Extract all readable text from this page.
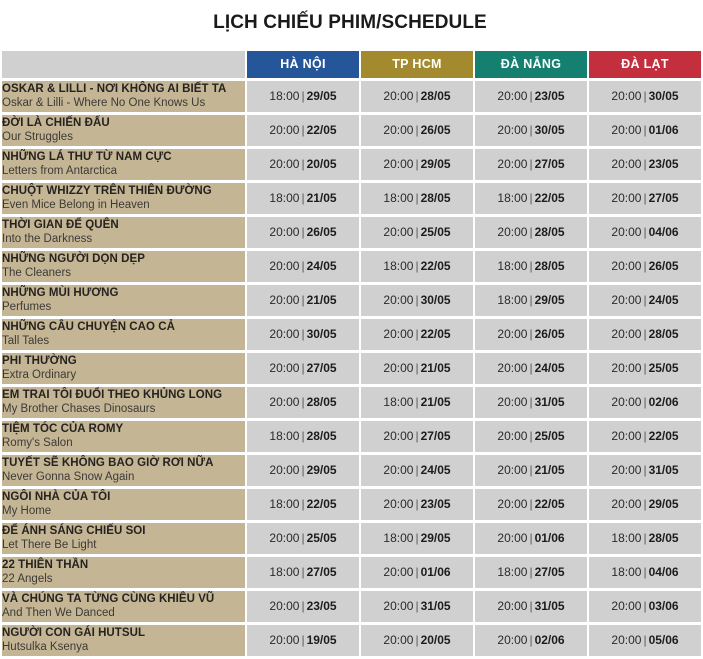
LỊCH CHIẾU PHIM/SCHEDULE
	HÀ NỘI	TP HCM	ĐÀ NẴNG	ĐÀ LẠT

OSKAR & LILLI - NƠI KHÔNG AI BIẾT TA
Oskar & Lilli - Where No One Knows Us	18:00 | 29/05	20:00 | 28/05	20:00 | 23/05	20:00 | 30/05

ĐỜI LÀ CHIẾN ĐẤU
Our Struggles	20:00 | 22/05	20:00 | 26/05	20:00 | 30/05	20:00 | 01/06

NHỮNG LÁ THƯ TỪ NAM CỰC
Letters from Antarctica	20:00 | 20/05	20:00 | 29/05	20:00 | 27/05	20:00 | 23/05

CHUỘT WHIZZY TRÊN THIÊN ĐƯỜNG
Even Mice Belong in Heaven	18:00 | 21/05	18:00 | 28/05	18:00 | 22/05	20:00 | 27/05

THỜI GIAN ĐỂ QUÊN
Into the Darkness	20:00 | 26/05	20:00 | 25/05	20:00 | 28/05	20:00 | 04/06

NHỮNG NGƯỜI DỌN DẸP
The Cleaners	20:00 | 24/05	18:00 | 22/05	18:00 | 28/05	20:00 | 26/05

NHỮNG MÙI HƯƠNG
Perfumes	20:00 | 21/05	20:00 | 30/05	18:00 | 29/05	20:00 | 24/05

NHỮNG CÂU CHUYỆN CAO CẢ
Tall Tales	20:00 | 30/05	20:00 | 22/05	20:00 | 26/05	20:00 | 28/05

PHI THƯỜNG
Extra Ordinary	20:00 | 27/05	20:00 | 21/05	20:00 | 24/05	20:00 | 25/05

EM TRAI TÔI ĐUỔI THEO KHỦNG LONG
My Brother Chases Dinosaurs	20:00 | 28/05	18:00 | 21/05	20:00 | 31/05	20:00 | 02/06

TIỆM TÓC CỦA ROMY
Romy's Salon	18:00 | 28/05	20:00 | 27/05	20:00 | 25/05	20:00 | 22/05

TUYẾT SẼ KHÔNG BAO GIỜ RƠI NỮA
Never Gonna Snow Again	20:00 | 29/05	20:00 | 24/05	20:00 | 21/05	20:00 | 31/05

NGÔI NHÀ CỦA TÔI
My Home	18:00 | 22/05	20:00 | 23/05	20:00 | 22/05	20:00 | 29/05

ĐỂ ÁNH SÁNG CHIẾU SOI
Let There Be Light	20:00 | 25/05	18:00 | 29/05	20:00 | 01/06	18:00 | 28/05

22 THIÊN THẦN
22 Angels	18:00 | 27/05	20:00 | 01/06	18:00 | 27/05	18:00 | 04/06

VÀ CHÚNG TA TỪNG CÙNG KHIÊU VŨ
And Then We Danced	20:00 | 23/05	20:00 | 31/05	20:00 | 31/05	20:00 | 03/06

NGƯỜI CON GÁI HUTSUL
Hutsulka Ksenya	20:00 | 19/05	20:00 | 20/05	20:00 | 02/06	20:00 | 05/06
